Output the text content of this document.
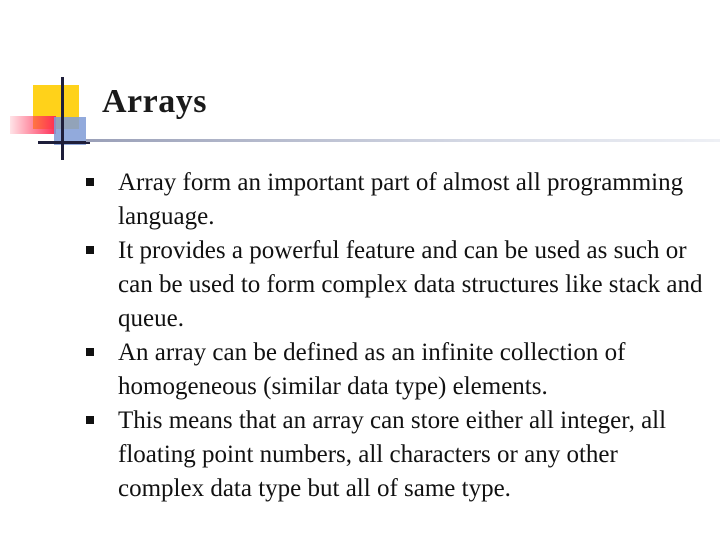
Arrays
Array form an important part of almost all programming language.
It provides a powerful feature and can be used as such or can be used to form complex data structures like stack and queue.
An array can be defined as an infinite collection of homogeneous (similar data type) elements.
This means that an array can store either all integer, all floating point numbers, all characters or any other complex data type but all of same type.
